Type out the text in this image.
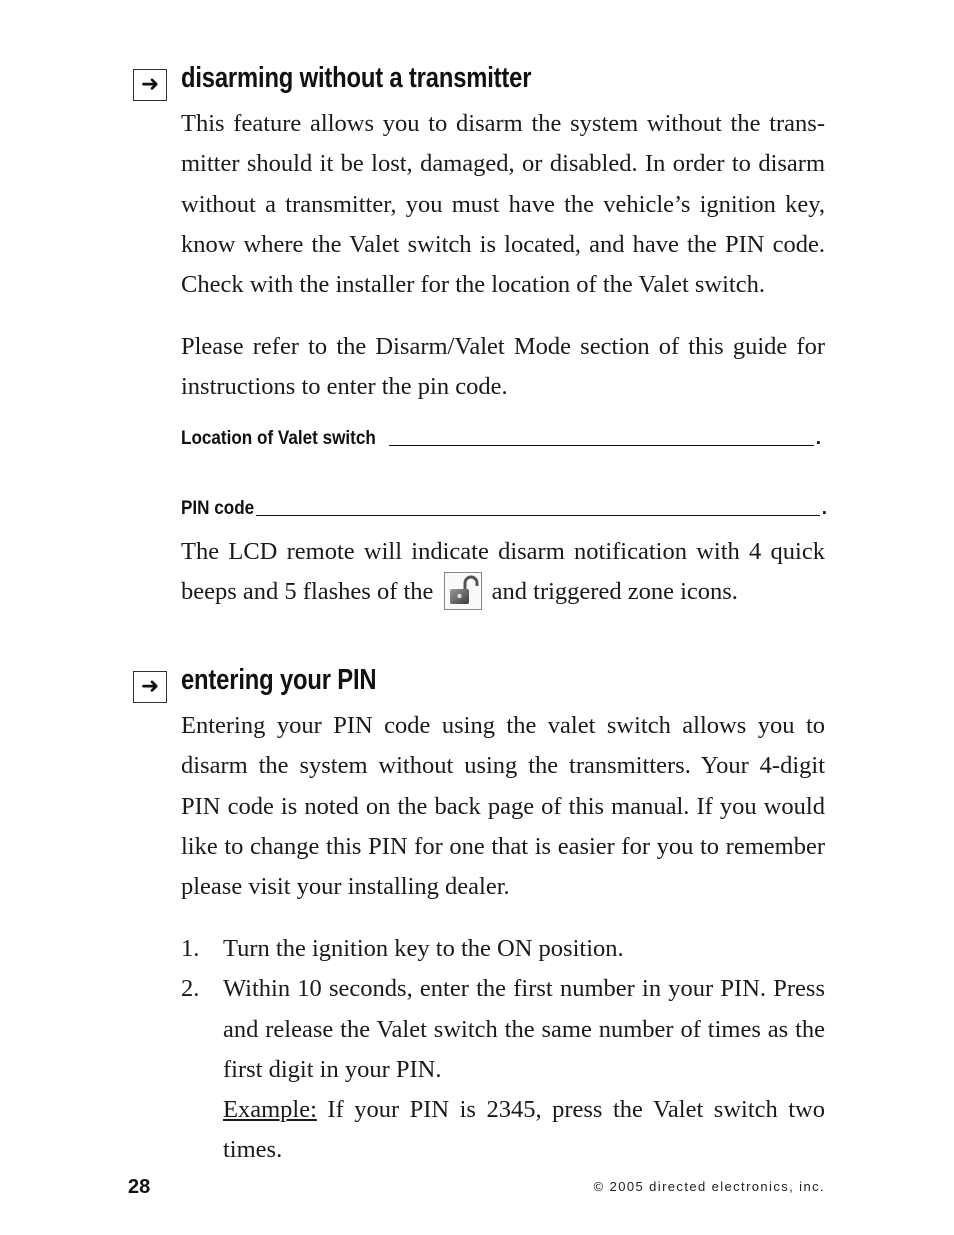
➜ disarming without a transmitter

This feature allows you to disarm the system without the trans- mitter should it be lost, damaged, or disabled. In order to disarm without a transmitter, you must have the vehicle’s ignition key, know where the Valet switch is located, and have the PIN code. Check with the installer for the location of the Valet switch.

Please refer to the Disarm/Valet Mode section of this guide for instructions to enter the pin code.

Location of Valet switch	.
PIN code	.

The LCD remote will indicate disarm notification with 4 quick beeps and 5 flashes of the and triggered zone icons.

➜ entering your PIN

Entering your PIN code using the valet switch allows you to disarm the system without using the transmitters. Your 4-digit PIN code is noted on the back page of this manual. If you would like to change this PIN for one that is easier for you to remember please visit your installing dealer.

1. Turn the ignition key to the ON position.
2. Within 10 seconds, enter the first number in your PIN. Press and release the Valet switch the same number of times as the first digit in your PIN.
Example: If your PIN is 2345, press the Valet switch two times.
28	© 2005 directed electronics, inc.
